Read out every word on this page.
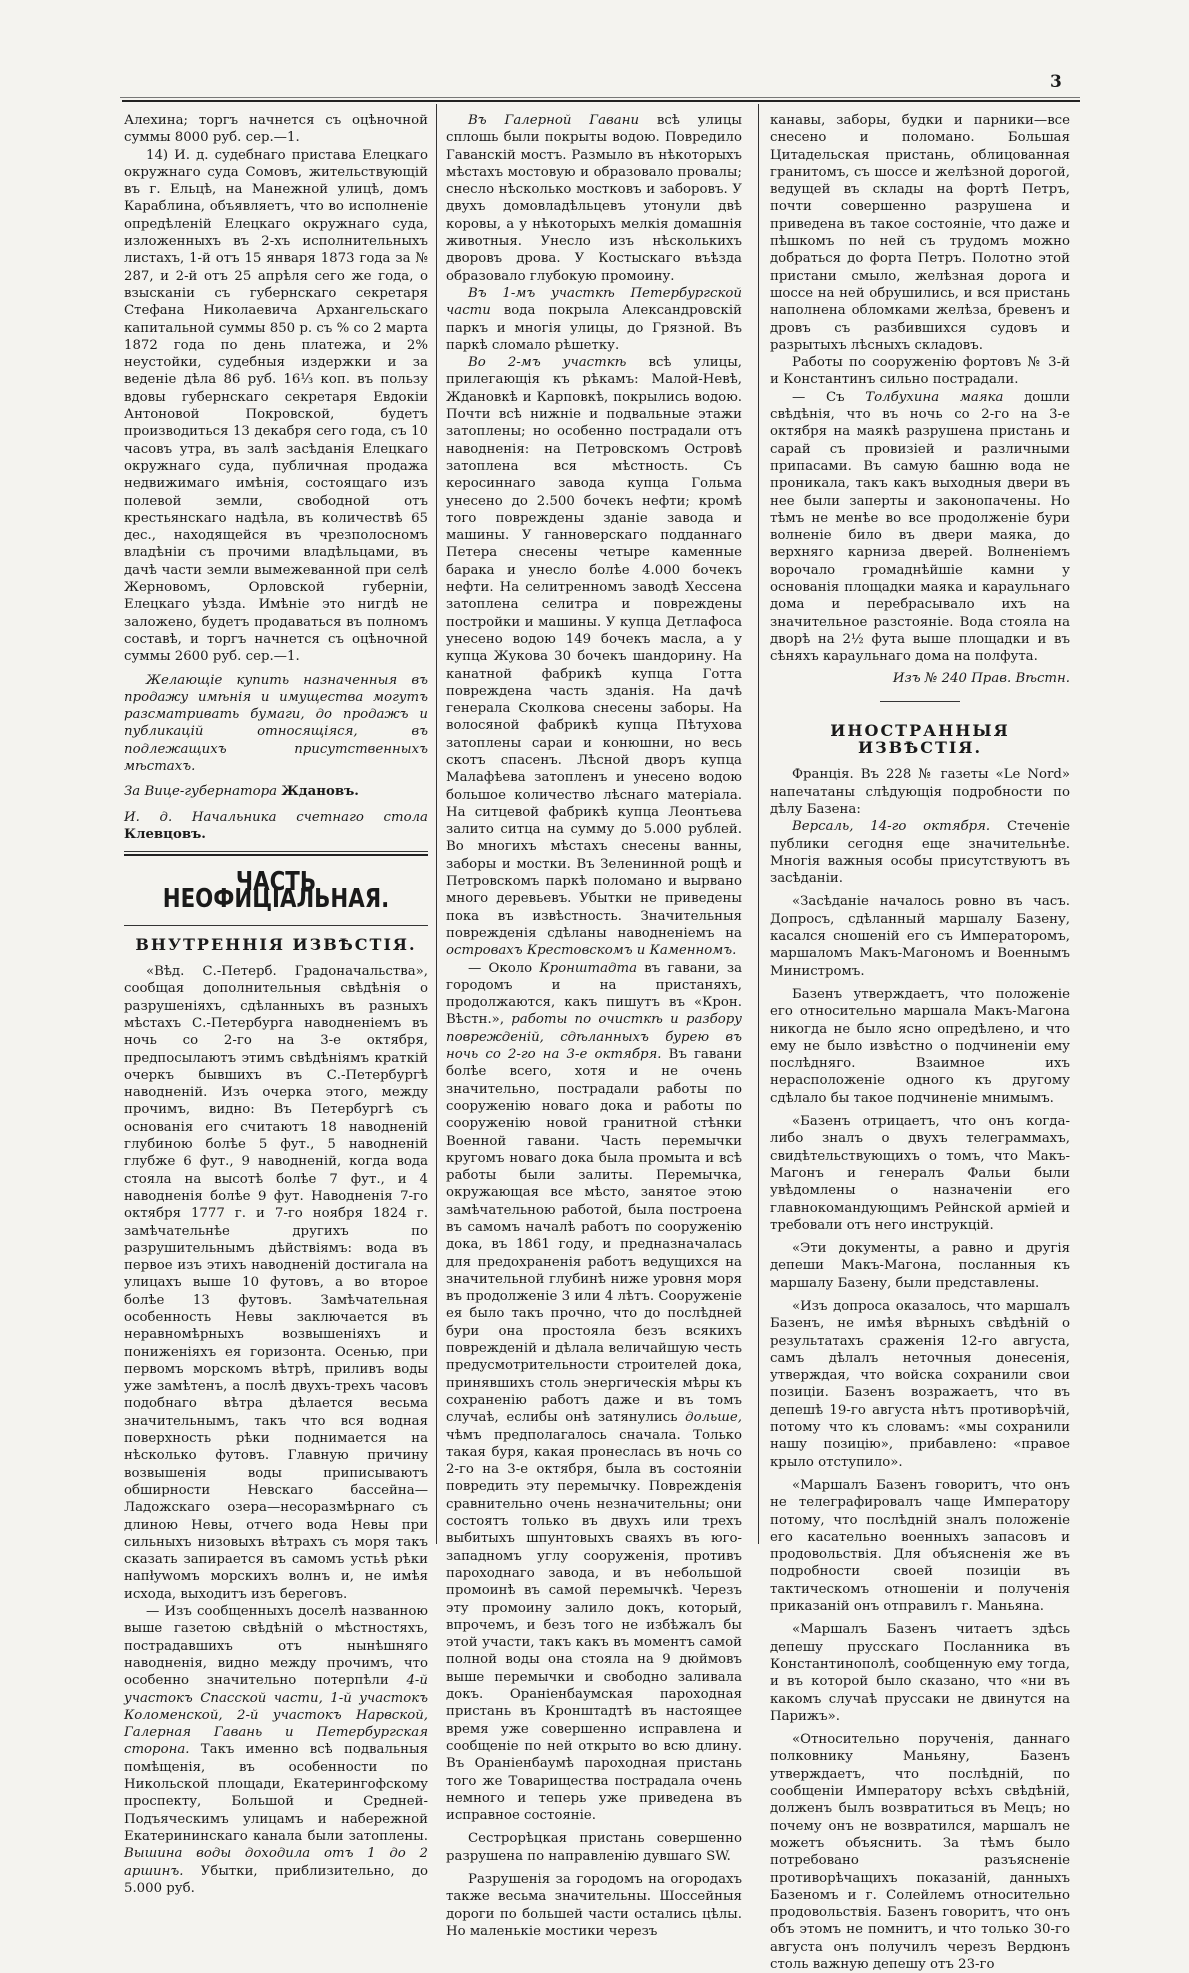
3

Алехина; торгъ начнется съ оцѣночной суммы 8000 руб. сер.—1.

14) И. д. судебнаго пристава Елецкаго окружнаго суда Сомовъ, жительствующій въ г. Ельцѣ, на Манежной улицѣ, домъ Караблина, объявляетъ, что во исполненіе опредѣленій Елецкаго окружнаго суда, изложенныхъ въ 2-хъ исполнительныхъ листахъ, 1-й отъ 15 января 1873 года за № 287, и 2-й отъ 25 апрѣля сего же года, о взысканіи съ губернскаго секретаря Стефана Николаевича Архангельскаго капитальной суммы 850 р. съ % со 2 марта 1872 года по день платежа, и 2% неустойки, судебныя издержки и за веденіе дѣла 86 руб. 16⅓ коп. въ пользу вдовы губернскаго секретаря Евдокіи Антоновой Покровской, будетъ производиться 13 декабря сего года, съ 10 часовъ утра, въ залѣ засѣданія Елецкаго окружнаго суда, публичная продажа недвижимаго имѣнія, состоящаго изъ полевой земли, свободной отъ крестьянскаго надѣла, въ количествѣ 65 дес., находящейся въ чрезполосномъ владѣніи съ прочими владѣльцами, въ дачѣ части земли вымежеванной при селѣ Жерновомъ, Орловской губерніи, Елецкаго уѣзда. Имѣніе это нигдѣ не заложено, будетъ продаваться въ полномъ составѣ, и торгъ начнется съ оцѣночной суммы 2600 руб. сер.—1.

Желающіе купить назначенныя въ продажу имѣнія и имущества могутъ разсматривать бумаги, до продажъ и публикацій относящіяся, въ подлежащихъ присутственныхъ мѣстахъ.

За Вице-губернатора Ждановъ.

И. д. Начальника счетнаго стола Клевцовъ.

ЧАСТЬ НЕОФИЦІАЛЬНАЯ.
ВНУТРЕННІЯ ИЗВѢСТІЯ.

«Вѣд. С.-Петерб. Градоначальства», сообщая дополнительныя свѣдѣнія о разрушеніяхъ, сдѣланныхъ въ разныхъ мѣстахъ С.-Петербурга наводненіемъ въ ночь со 2-го на 3-е октября, предпосылаютъ этимъ свѣдѣніямъ краткій очеркъ бывшихъ въ С.-Петербургѣ наводненій. Изъ очерка этого, между прочимъ, видно: Въ Петербургѣ съ основанія его считаютъ 18 наводненій глубиною болѣе 5 фут., 5 наводненій глубже 6 фут., 9 наводненій, когда вода стояла на высотѣ болѣе 7 фут., и 4 наводненія болѣе 9 фут. Наводненія 7-го октября 1777 г. и 7-го ноября 1824 г. замѣчательнѣе другихъ по разрушительнымъ дѣйствіямъ: вода въ первое изъ этихъ наводненій достигала на улицахъ выше 10 футовъ, а во второе болѣе 13 футовъ. Замѣчательная особенность Невы заключается въ неравномѣрныхъ возвышеніяхъ и пониженіяхъ ея горизонта. Осенью, при первомъ морскомъ вѣтрѣ, приливъ воды уже замѣтенъ, а послѣ двухъ-трехъ часовъ подобнаго вѣтра дѣлается весьма значительнымъ, такъ что вся водная поверхность рѣки поднимается на нѣсколько футовъ. Главную причину возвышенія воды приписываютъ обширности Невскаго бассейна—Ладожскаго озера—несоразмѣрнаго съ длиною Невы, отчего вода Невы при сильныхъ низовыхъ вѣтрахъ съ моря такъ сказать запирается въ самомъ устьѣ рѣки напływомъ морскихъ волнъ и, не имѣя исхода, выходитъ изъ береговъ.

— Изъ сообщенныхъ доселѣ названною выше газетою свѣдѣній о мѣстностяхъ, пострадавшихъ отъ нынѣшняго наводненія, видно между прочимъ, что особенно значительно потерпѣли 4-й участокъ Спасской части, 1-й участокъ Коломенской, 2-й участокъ Нарвской, Галерная Гавань и Петербургская сторона. Такъ именно всѣ подвальныя помѣщенія, въ особенности по Никольской площади, Екатерингофскому проспекту, Большой и Средней-Подъяческимъ улицамъ и набережной Екатерининскаго канала были затоплены. Вышина воды доходила отъ 1 до 2 аршинъ. Убытки, приблизительно, до 5.000 руб.

Въ Галерной Гавани всѣ улицы сплошь были покрыты водою. Повредило Гаванскій мостъ. Размыло въ нѣкоторыхъ мѣстахъ мостовую и образовало провалы; снесло нѣсколько мостковъ и заборовъ. У двухъ домовладѣльцевъ утонули двѣ коровы, а у нѣкоторыхъ мелкія домашнія животныя. Унесло изъ нѣсколькихъ дворовъ дрова. У Костыскаго въѣзда образовало глубокую промоину.

Въ 1-мъ участкѣ Петербургской части вода покрыла Александровскій паркъ и многія улицы, до Грязной. Въ паркѣ сломало рѣшетку.

Во 2-мъ участкѣ всѣ улицы, прилегающія къ рѣкамъ: Малой-Невѣ, Ждановкѣ и Карповкѣ, покрылись водою. Почти всѣ нижніе и подвальные этажи затоплены; но особенно пострадали отъ наводненія: на Петровскомъ Островѣ затоплена вся мѣстность. Съ керосиннаго завода купца Гольма унесено до 2.500 бочекъ нефти; кромѣ того повреждены зданіе завода и машины. У ганноверскаго подданнаго Петера снесены четыре каменные барака и унесло болѣе 4.000 бочекъ нефти. На селитренномъ заводѣ Хессена затоплена селитра и повреждены постройки и машины. У купца Детлафоса унесено водою 149 бочекъ масла, а у купца Жукова 30 бочекъ шандорину. На канатной фабрикѣ купца Готта повреждена часть зданія. На дачѣ генерала Сколкова снесены заборы. На волосяной фабрикѣ купца Пѣтухова затоплены сараи и конюшни, но весь скотъ спасенъ. Лѣсной дворъ купца Малафѣева затопленъ и унесено водою большое количество лѣснаго матеріала. На ситцевой фабрикѣ купца Леонтьева залито ситца на сумму до 5.000 рублей. Во многихъ мѣстахъ снесены ванны, заборы и мостки. Въ Зеленинной рощѣ и Петровскомъ паркѣ поломано и вырвано много деревьевъ. Убытки не приведены пока въ извѣстность. Значительныя поврежденія сдѣланы наводненіемъ на островахъ Крестовскомъ и Каменномъ.

— Около Кронштадта въ гавани, за городомъ и на пристаняхъ, продолжаются, какъ пишутъ въ «Крон. Вѣстн.», работы по очисткѣ и разбору поврежденій, сдѣланныхъ бурею въ ночь со 2-го на 3-е октября. Въ гавани болѣе всего, хотя и не очень значительно, пострадали работы по сооруженію новаго дока и работы по сооруженію новой гранитной стѣнки Военной гавани. Часть перемычки кругомъ новаго дока была промыта и всѣ работы были залиты. Перемычка, окружающая все мѣсто, занятое этою замѣчательною работой, была построена въ самомъ началѣ работъ по сооруженію дока, въ 1861 году, и предназначалась для предохраненія работъ ведущихся на значительной глубинѣ ниже уровня моря въ продолженіе 3 или 4 лѣтъ. Сооруженіе ея было такъ прочно, что до послѣдней бури она простояла безъ всякихъ поврежденій и дѣлала величайшую честь предусмотрительности строителей дока, принявшихъ столь энергическія мѣры къ сохраненію работъ даже и въ томъ случаѣ, еслибы онѣ затянулись дольше, чѣмъ предполагалось сначала. Только такая буря, какая пронеслась въ ночь со 2-го на 3-е октября, была въ состояніи повредить эту перемычку. Поврежденія сравнительно очень незначительны; они состоятъ только въ двухъ или трехъ выбитыхъ шпунтовыхъ сваяхъ въ юго-западномъ углу сооруженія, противъ пароходнаго завода, и въ небольшой промоинѣ въ самой перемычкѣ. Черезъ эту промоину залило докъ, который, впрочемъ, и безъ того не избѣжалъ бы этой участи, такъ какъ въ моментъ самой полной воды она стояла на 9 дюймовъ выше перемычки и свободно заливала докъ. Ораніенбаумская пароходная пристань въ Кронштадтѣ въ настоящее время уже совершенно исправлена и сообщеніе по ней открыто во всю длину. Въ Ораніенбаумѣ пароходная пристань того же Товарищества пострадала очень немного и теперь уже приведена въ исправное состояніе.

Сестрорѣцкая пристань совершенно разрушена по направленію дувшаго SW.

Разрушенія за городомъ на огородахъ также весьма значительны. Шоссейныя дороги по большей части остались цѣлы. Но маленькіе мостики черезъ

канавы, заборы, будки и парники—все снесено и поломано. Большая Цитадельская пристань, облицованная гранитомъ, съ шоссе и желѣзной дорогой, ведущей въ склады на фортѣ Петръ, почти совершенно разрушена и приведена въ такое состояніе, что даже и пѣшкомъ по ней съ трудомъ можно добраться до форта Петръ. Полотно этой пристани смыло, желѣзная дорога и шоссе на ней обрушились, и вся пристань наполнена обломками желѣза, бревенъ и дровъ съ разбившихся судовъ и разрытыхъ лѣсныхъ складовъ.

Работы по сооруженію фортовъ № 3-й и Константинъ сильно пострадали.

— Съ Толбухина маяка дошли свѣдѣнія, что въ ночь со 2-го на 3-е октября на маякѣ разрушена пристань и сарай съ провизіей и различными припасами. Въ самую башню вода не проникала, такъ какъ выходныя двери въ нее были заперты и законопачены. Но тѣмъ не менѣе во все продолженіе бури волненіе било въ двери маяка, до верхняго карниза дверей. Волненіемъ ворочало громаднѣйшіе камни у основанія площадки маяка и караульнаго дома и перебрасывало ихъ на значительное разстояніе. Вода стояла на дворѣ на 2½ фута выше площадки и въ сѣняхъ караульнаго дома на полфута.

Изъ № 240 Прав. Вѣстн.

ИНОСТРАННЫЯ ИЗВѢСТІЯ.

Франція. Въ 228 № газеты «Le Nord» напечатаны слѣдующія подробности по дѣлу Базена:

Версаль, 14-го октября. Стеченіе публики сегодня еще значительнѣе. Многія важныя особы присутствуютъ въ засѣданіи.

«Засѣданіе началось ровно въ часъ. Допросъ, сдѣланный маршалу Базену, касался сношеній его съ Императоромъ, маршаломъ Макъ-Магономъ и Военнымъ Министромъ.

Базенъ утверждаетъ, что положеніе его относительно маршала Макъ-Магона никогда не было ясно опредѣлено, и что ему не было извѣстно о подчиненіи ему послѣдняго. Взаимное ихъ нерасположеніе одного къ другому сдѣлало бы такое подчиненіе мнимымъ.

«Базенъ отрицаетъ, что онъ когда-либо зналъ о двухъ телеграммахъ, свидѣтельствующихъ о томъ, что Макъ-Магонъ и генералъ Фальи были увѣдомлены о назначеніи его главнокомандующимъ Рейнской арміей и требовали отъ него инструкцій.

«Эти документы, а равно и другія депеши Макъ-Магона, посланныя къ маршалу Базену, были представлены.

«Изъ допроса оказалось, что маршалъ Базенъ, не имѣя вѣрныхъ свѣдѣній о результатахъ сраженія 12-го августа, самъ дѣлалъ неточныя донесенія, утверждая, что войска сохранили свои позиціи. Базенъ возражаетъ, что въ депешѣ 19-го августа нѣтъ противорѣчій, потому что къ словамъ: «мы сохранили нашу позицію», прибавлено: «правое крыло отступило».

«Маршалъ Базенъ говоритъ, что онъ не телеграфировалъ чаще Императору потому, что послѣдній зналъ положеніе его касательно военныхъ запасовъ и продовольствія. Для объясненія же въ подробности своей позиціи въ тактическомъ отношеніи и полученія приказаній онъ отправилъ г. Маньяна.

«Маршалъ Базенъ читаетъ здѣсь депешу прусскаго Посланника въ Константинополѣ, сообщенную ему тогда, и въ которой было сказано, что «ни въ какомъ случаѣ пруссаки не двинутся на Парижъ».

«Относительно порученія, даннаго полковнику Маньяну, Базенъ утверждаетъ, что послѣдній, по сообщеніи Императору всѣхъ свѣдѣній, долженъ былъ возвратиться въ Мецъ; но почему онъ не возвратился, маршалъ не можетъ объяснить. За тѣмъ было потребовано разъясненіе противорѣчащихъ показаній, данныхъ Базеномъ и г. Солейлемъ относительно продовольствія. Базенъ говоритъ, что онъ объ этомъ не помнитъ, и что только 30-го августа онъ получилъ черезъ Вердюнъ столь важную депешу отъ 23-го
